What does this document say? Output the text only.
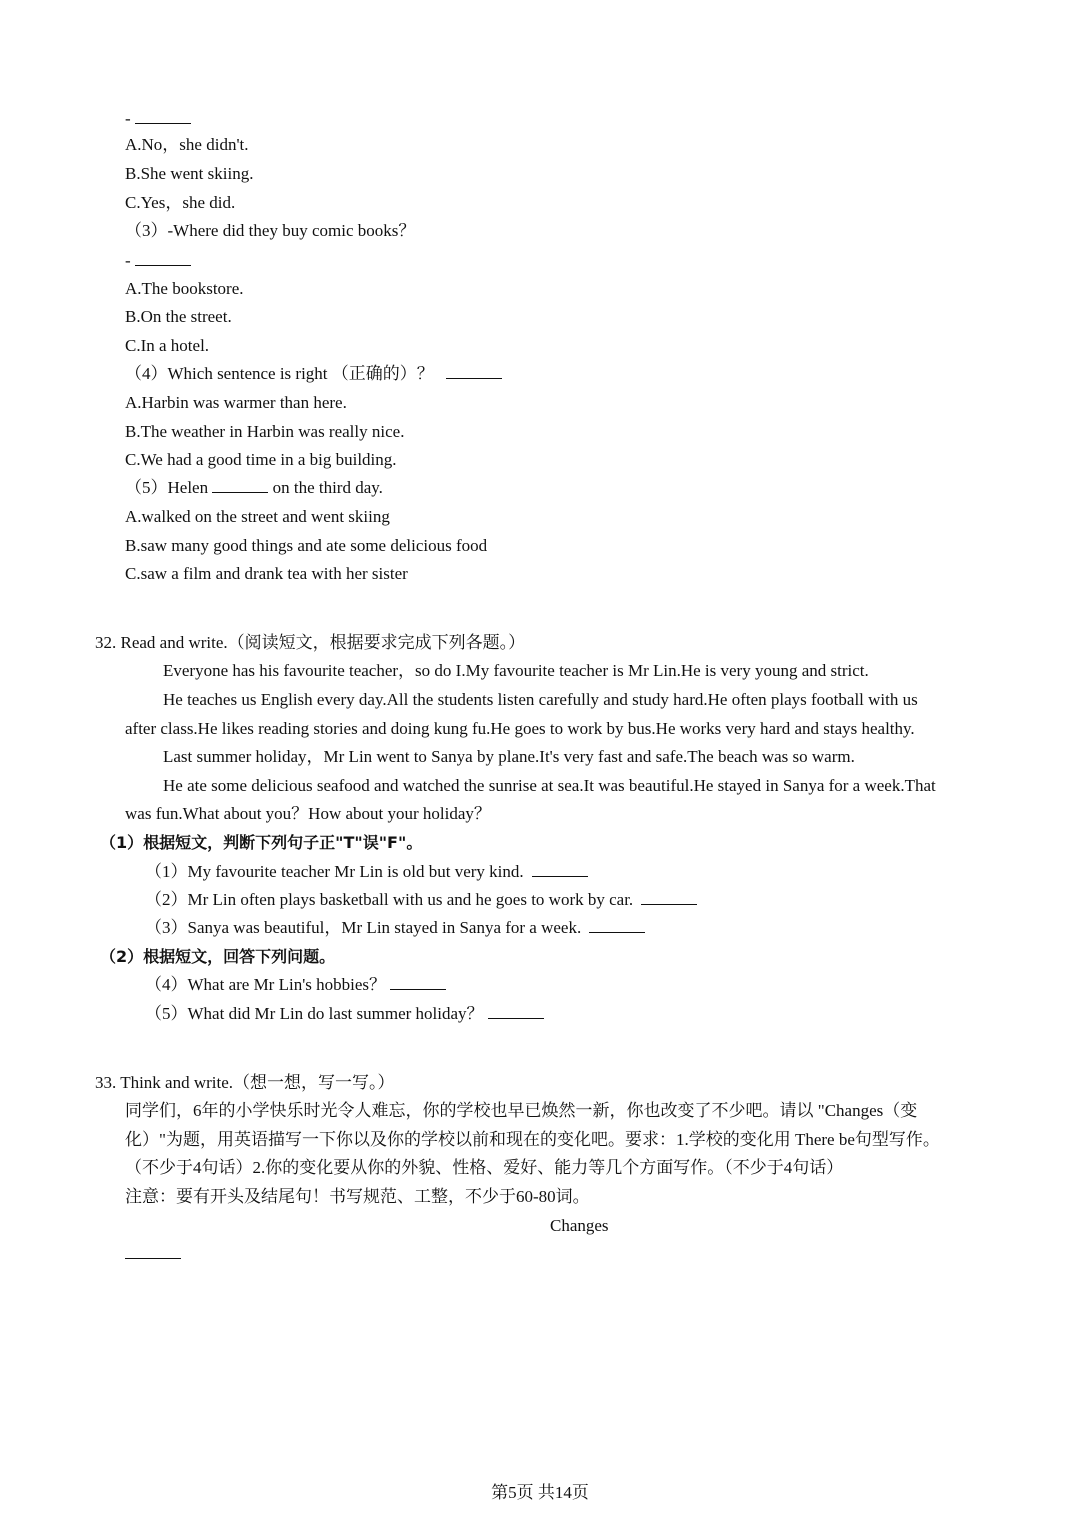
-
A.No，she didn't.
B.She went skiing.
C.Yes，she did.
（3）-Where did they buy comic books？
-
A.The bookstore.
B.On the street.
C.In a hotel.
（4）Which sentence is right （正确的）？
A.Harbin was warmer than here.
B.The weather in Harbin was really nice.
C.We had a good time in a big building.
（5）Helen	on the third day.
A.walked on the street and went skiing
B.saw many good things and ate some delicious food
C.saw a film and drank tea with her sister
32. Read and write.（阅读短文，根据要求完成下列各题。）
Everyone has his favourite teacher，so do I.My favourite teacher is Mr Lin.He is very young and strict.
He teaches us English every day.All the students listen carefully and study hard.He often plays football with us
after class.He likes reading stories and doing kung fu.He goes to work by bus.He works very hard and stays healthy.
Last summer holiday，Mr Lin went to Sanya by plane.It's very fast and safe.The beach was so warm.
He ate some delicious seafood and watched the sunrise at sea.It was beautiful.He stayed in Sanya for a week.That
was fun.What about you？How about your holiday？
（1）根据短文，判断下列句子正"T"误"F"。
（1）My favourite teacher Mr Lin is old but very kind.
（2）Mr Lin often plays basketball with us and he goes to work by car.
（3）Sanya was beautiful，Mr Lin stayed in Sanya for a week.
（2）根据短文，回答下列问题。
（4）What are Mr Lin's hobbies？
（5）What did Mr Lin do last summer holiday？
33. Think and write.（想一想，写一写。）
同学们，6年的小学快乐时光令人难忘，你的学校也早已焕然一新，你也改变了不少吧。请以 "Changes（变
化）"为题，用英语描写一下你以及你的学校以前和现在的变化吧。要求：1.学校的变化用 There be句型写作。
（不少于4句话）2.你的变化要从你的外貌、性格、爱好、能力等几个方面写作。（不少于4句话）
注意：要有开头及结尾句！书写规范、工整，不少于60-80词。
Changes
第5页 共14页
